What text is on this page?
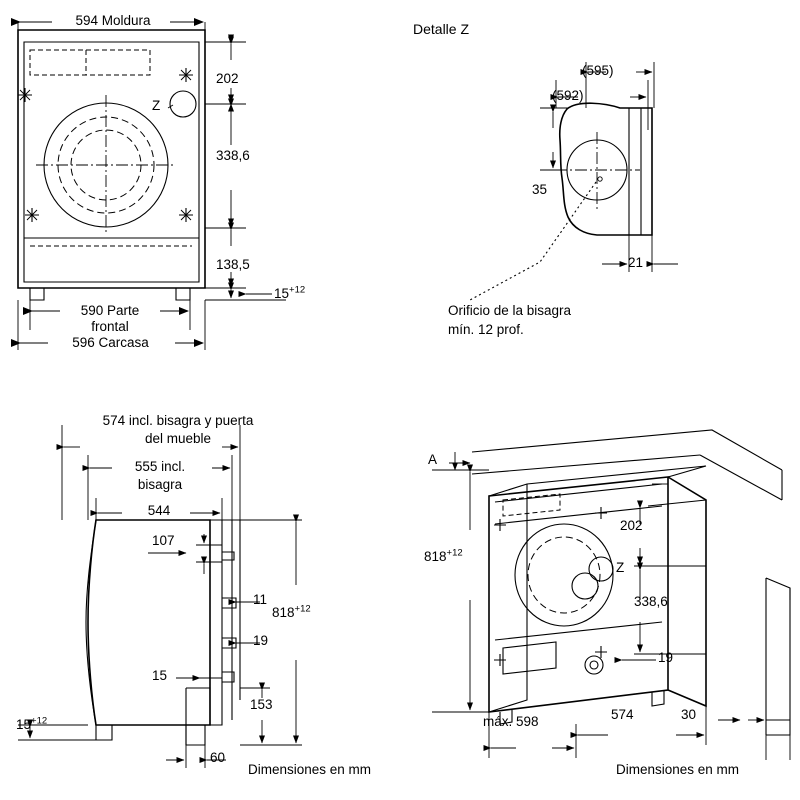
594 Moldura
202
338,6
138,5
$15^{+12}$
590 Parte
frontal
596 Carcasa
Z
Detalle Z
(595)
(592)
35
21
Orificio de la bisagra
mín. 12 prof.
574 incl. bisagra y puerta
del mueble
555 incl.
bisagra
544
107
11
19
15
153
60
$818^{+12}$
$15^{+12}$
Dimensiones en mm
A
202
338,6
$818^{+12}$
19
30
574
máx. 598
Z
Dimensiones en mm
